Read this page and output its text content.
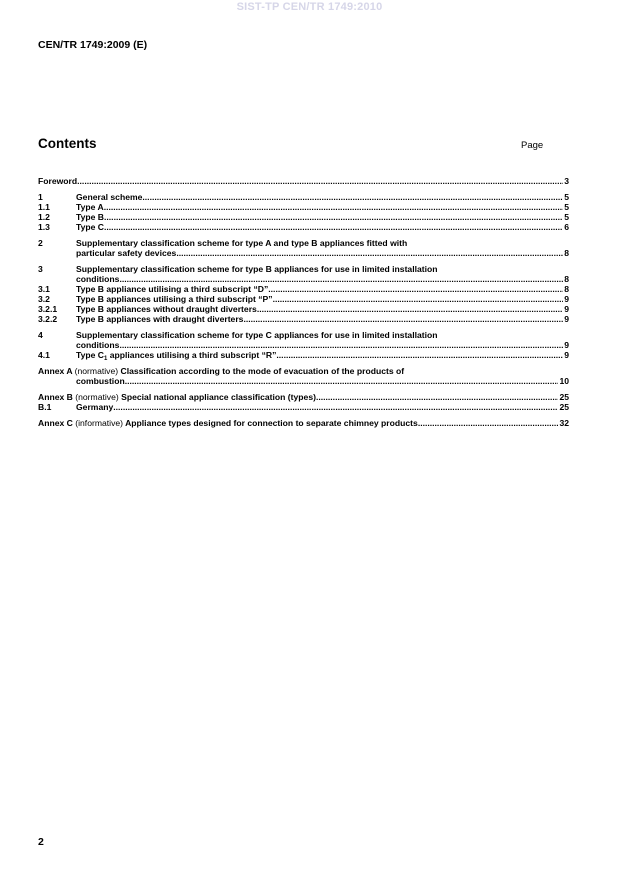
SIST-TP CEN/TR 1749:2010
CEN/TR 1749:2009 (E)
Contents	Page
Foreword .....	3
1	General scheme .....	5
1.1	Type A .....	5
1.2	Type B .....	5
1.3	Type C .....	6
2	Supplementary classification scheme for type A and type B appliances fitted with
particular safety devices .....	8
3	Supplementary classification scheme for type B appliances for use in limited installation
conditions .....	8
3.1	Type B appliance utilising a third subscript “D” .....	8
3.2	Type B appliances utilising a third subscript “P” .....	9
3.2.1	Type B appliances without draught diverters .....	9
3.2.2	Type B appliances with draught diverters .....	9
4	Supplementary classification scheme for type C appliances for use in limited installation
conditions .....	9
4.1	Type $C_1$ appliances utilising a third subscript “R” .....	9
Annex A (normative) Classification according to the mode of evacuation of the products of
combustion .....	10
Annex B (normative) Special national appliance classification (types) .....	25
B.1	Germany .....	25
Annex C (informative) Appliance types designed for connection to separate chimney products .....	32
2
